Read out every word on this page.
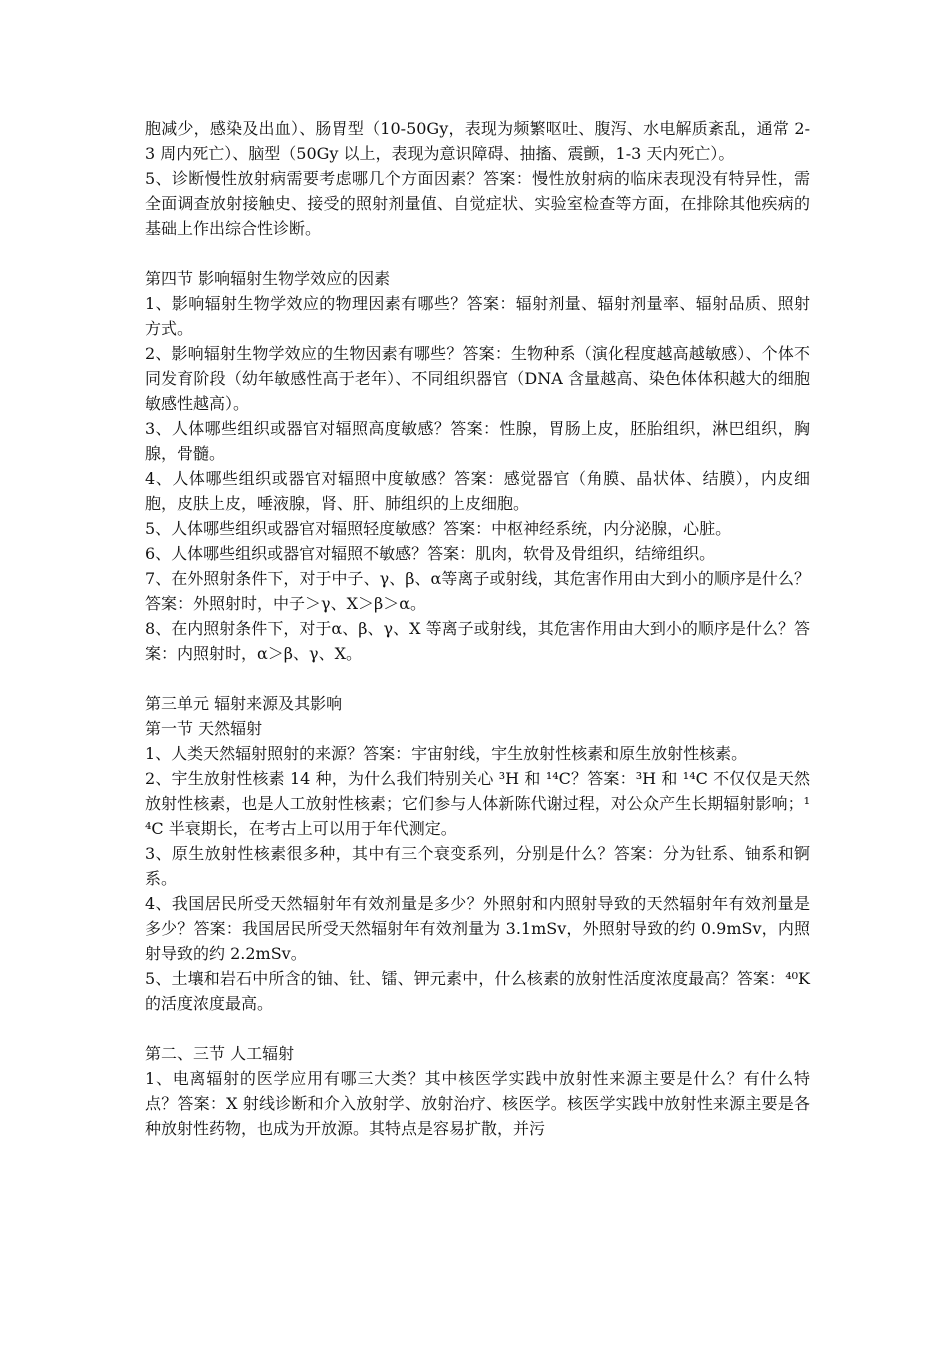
胞减少，感染及出血）、肠胃型（10-50Gy，表现为频繁呕吐、腹泻、水电解质紊乱，通常 2-3 周内死亡）、脑型（50Gy 以上，表现为意识障碍、抽搐、震颤，1-3 天内死亡）。
5、诊断慢性放射病需要考虑哪几个方面因素？答案：慢性放射病的临床表现没有特异性，需全面调查放射接触史、接受的照射剂量值、自觉症状、实验室检查等方面，在排除其他疾病的基础上作出综合性诊断。
第四节 影响辐射生物学效应的因素
1、影响辐射生物学效应的物理因素有哪些？答案：辐射剂量、辐射剂量率、辐射品质、照射方式。
2、影响辐射生物学效应的生物因素有哪些？答案：生物种系（演化程度越高越敏感）、个体不同发育阶段（幼年敏感性高于老年）、不同组织器官（DNA 含量越高、染色体体积越大的细胞敏感性越高）。
3、人体哪些组织或器官对辐照高度敏感？答案：性腺，胃肠上皮，胚胎组织，淋巴组织，胸腺，骨髓。
4、人体哪些组织或器官对辐照中度敏感？答案：感觉器官（角膜、晶状体、结膜），内皮细胞，皮肤上皮，唾液腺，肾、肝、肺组织的上皮细胞。
5、人体哪些组织或器官对辐照轻度敏感？答案：中枢神经系统，内分泌腺，心脏。
6、人体哪些组织或器官对辐照不敏感？答案：肌肉，软骨及骨组织，结缔组织。
7、在外照射条件下，对于中子、γ、β、α等离子或射线，其危害作用由大到小的顺序是什么？答案：外照射时，中子＞γ、X＞β＞α。
8、在内照射条件下，对于α、β、γ、X 等离子或射线，其危害作用由大到小的顺序是什么？答案：内照射时，α＞β、γ、X。
第三单元 辐射来源及其影响
第一节 天然辐射
1、人类天然辐射照射的来源？答案：宇宙射线，宇生放射性核素和原生放射性核素。
2、宇生放射性核素 14 种，为什么我们特别关心 ³H 和 ¹⁴C？答案：³H 和 ¹⁴C 不仅仅是天然放射性核素，也是人工放射性核素；它们参与人体新陈代谢过程，对公众产生长期辐射影响；¹⁴C 半衰期长，在考古上可以用于年代测定。
3、原生放射性核素很多种，其中有三个衰变系列，分别是什么？答案：分为钍系、铀系和锕系。
4、我国居民所受天然辐射年有效剂量是多少？外照射和内照射导致的天然辐射年有效剂量是多少？答案：我国居民所受天然辐射年有效剂量为 3.1mSv，外照射导致的约 0.9mSv，内照射导致的约 2.2mSv。
5、土壤和岩石中所含的铀、钍、镭、钾元素中，什么核素的放射性活度浓度最高？答案：⁴⁰K 的活度浓度最高。
第二、三节 人工辐射
1、电离辐射的医学应用有哪三大类？其中核医学实践中放射性来源主要是什么？有什么特点？答案：X 射线诊断和介入放射学、放射治疗、核医学。核医学实践中放射性来源主要是各种放射性药物，也成为开放源。其特点是容易扩散，并污
